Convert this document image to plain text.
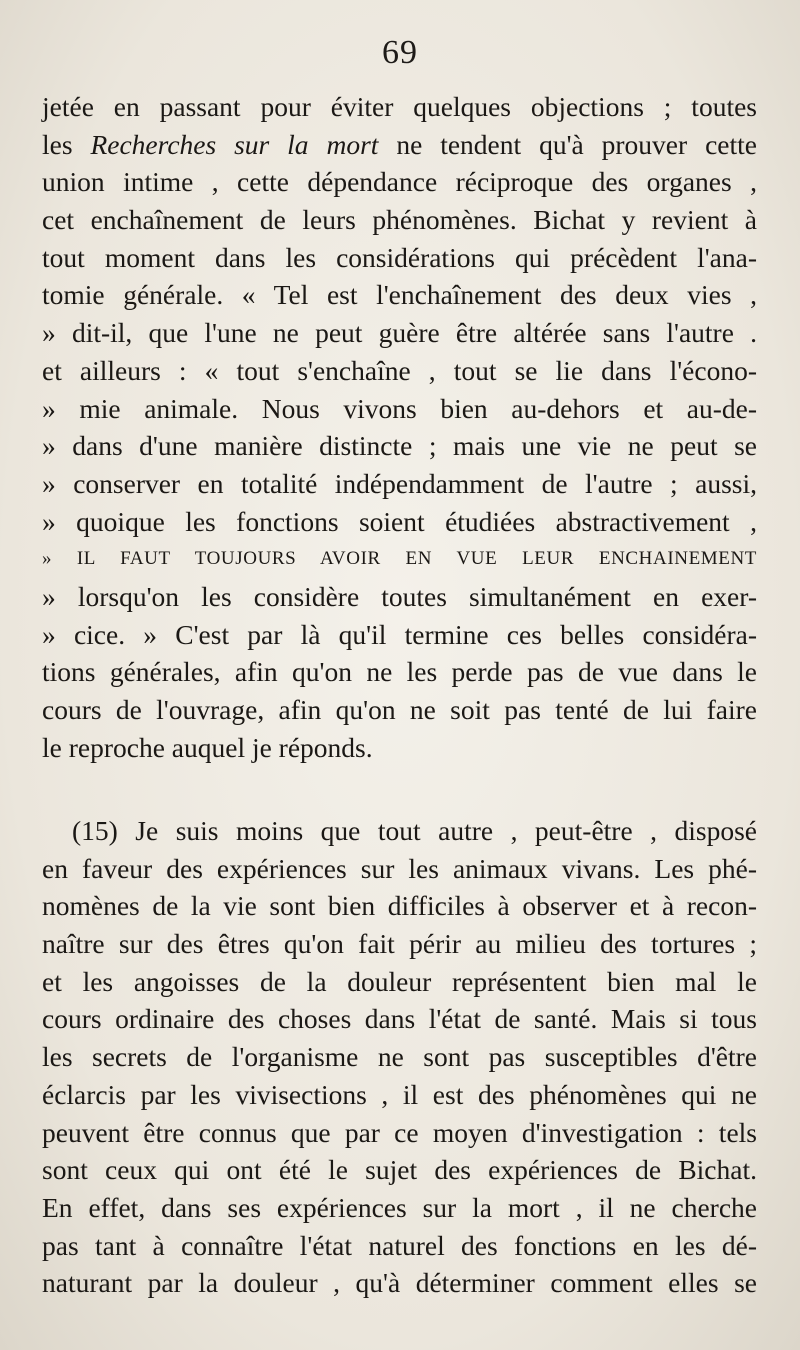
69
jetée en passant pour éviter quelques objections ; toutes
les Recherches sur la mort ne tendent qu'à prouver cette
union intime , cette dépendance réciproque des organes ,
cet enchaînement de leurs phénomènes. Bichat y revient à
tout moment dans les considérations qui précèdent l'ana-
tomie générale. « Tel est l'enchaînement des deux vies ,
» dit-il, que l'une ne peut guère être altérée sans l'autre .
et ailleurs : « tout s'enchaîne , tout se lie dans l'écono-
» mie animale. Nous vivons bien au-dehors et au-de-
» dans d'une manière distincte ; mais une vie ne peut se
» conserver en totalité indépendamment de l'autre ; aussi,
» quoique les fonctions soient étudiées abstractivement ,
» IL FAUT TOUJOURS AVOIR EN VUE LEUR ENCHAINEMENT
» lorsqu'on les considère toutes simultanément en exer-
» cice. » C'est par là qu'il termine ces belles considéra-
tions générales, afin qu'on ne les perde pas de vue dans le
cours de l'ouvrage, afin qu'on ne soit pas tenté de lui faire
le reproche auquel je réponds.
(15) Je suis moins que tout autre , peut-être , disposé
en faveur des expériences sur les animaux vivans. Les phé-
nomènes de la vie sont bien difficiles à observer et à recon-
naître sur des êtres qu'on fait périr au milieu des tortures ;
et les angoisses de la douleur représentent bien mal le
cours ordinaire des choses dans l'état de santé. Mais si tous
les secrets de l'organisme ne sont pas susceptibles d'être
éclarcis par les vivisections , il est des phénomènes qui ne
peuvent être connus que par ce moyen d'investigation : tels
sont ceux qui ont été le sujet des expériences de Bichat.
En effet, dans ses expériences sur la mort , il ne cherche
pas tant à connaître l'état naturel des fonctions en les dé-
naturant par la douleur , qu'à déterminer comment elles se
